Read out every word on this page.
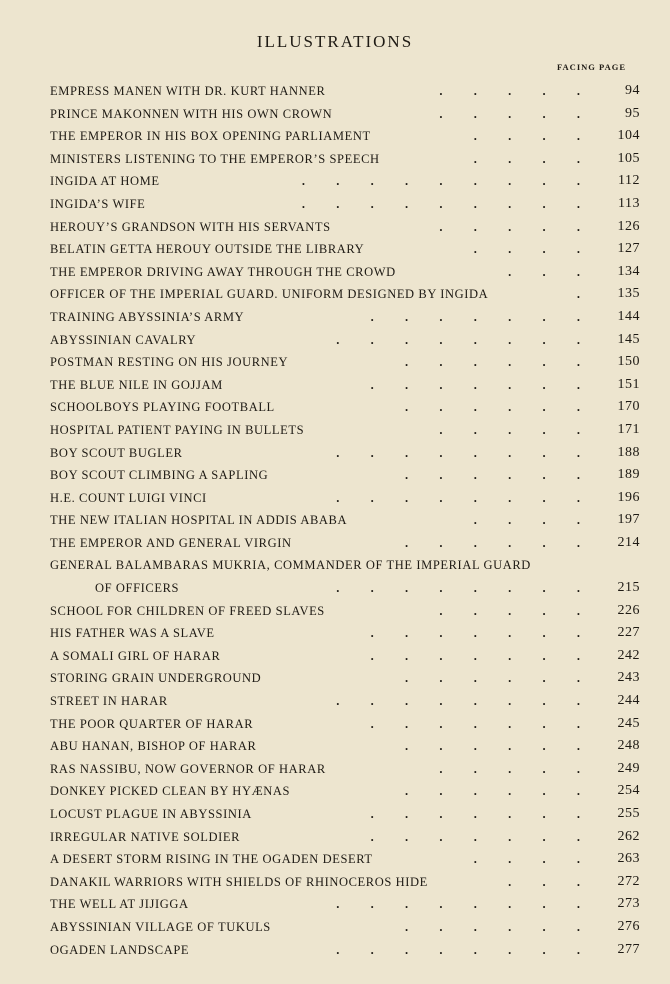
ILLUSTRATIONS
FACING PAGE
EMPRESS MANEN WITH DR. KURT HANNER	.   .   .   .   .	94
PRINCE MAKONNEN WITH HIS OWN CROWN	.   .   .   .   .	95
THE EMPEROR IN HIS BOX OPENING PARLIAMENT	.   .   .   .	104
MINISTERS LISTENING TO THE EMPEROR’S SPEECH	.   .   .   .	105
INGIDA AT HOME	.   .   .   .   .   .   .   .   .	112
INGIDA’S WIFE	.   .   .   .   .   .   .   .   .	113
HEROUY’S GRANDSON WITH HIS SERVANTS	.   .   .   .   .	126
BELATIN GETTA HEROUY OUTSIDE THE LIBRARY	.   .   .   .	127
THE EMPEROR DRIVING AWAY THROUGH THE CROWD	.   .   .	134
OFFICER OF THE IMPERIAL GUARD. UNIFORM DESIGNED BY INGIDA	.	135
TRAINING ABYSSINIA’S ARMY	.   .   .   .   .   .   .	144
ABYSSINIAN CAVALRY	.   .   .   .   .   .   .   .	145
POSTMAN RESTING ON HIS JOURNEY	.   .   .   .   .   .	150
THE BLUE NILE IN GOJJAM	.   .   .   .   .   .   .	151
SCHOOLBOYS PLAYING FOOTBALL	.   .   .   .   .   .	170
HOSPITAL PATIENT PAYING IN BULLETS	.   .   .   .   .	171
BOY SCOUT BUGLER	.   .   .   .   .   .   .   .	188
BOY SCOUT CLIMBING A SAPLING	.   .   .   .   .   .	189
H.E. COUNT LUIGI VINCI	.   .   .   .   .   .   .   .	196
THE NEW ITALIAN HOSPITAL IN ADDIS ABABA	.   .   .   .	197
THE EMPEROR AND GENERAL VIRGIN	.   .   .   .   .   .	214
GENERAL BALAMBARAS MUKRIA, COMMANDER OF THE IMPERIAL GUARD
OF OFFICERS	.   .   .   .   .   .   .   .	215
SCHOOL FOR CHILDREN OF FREED SLAVES	.   .   .   .   .	226
HIS FATHER WAS A SLAVE	.   .   .   .   .   .   .	227
A SOMALI GIRL OF HARAR	.   .   .   .   .   .   .	242
STORING GRAIN UNDERGROUND	.   .   .   .   .   .	243
STREET IN HARAR	.   .   .   .   .   .   .   .	244
THE POOR QUARTER OF HARAR	.   .   .   .   .   .   .	245
ABU HANAN, BISHOP OF HARAR	.   .   .   .   .   .	248
RAS NASSIBU, NOW GOVERNOR OF HARAR	.   .   .   .   .	249
DONKEY PICKED CLEAN BY HYÆNAS	.   .   .   .   .   .	254
LOCUST PLAGUE IN ABYSSINIA	.   .   .   .   .   .   .	255
IRREGULAR NATIVE SOLDIER	.   .   .   .   .   .   .	262
A DESERT STORM RISING IN THE OGADEN DESERT	.   .   .   .	263
DANAKIL WARRIORS WITH SHIELDS OF RHINOCEROS HIDE	.   .   .	272
THE WELL AT JIJIGGA	.   .   .   .   .   .   .   .	273
ABYSSINIAN VILLAGE OF TUKULS	.   .   .   .   .   .	276
OGADEN LANDSCAPE	.   .   .   .   .   .   .   .	277
